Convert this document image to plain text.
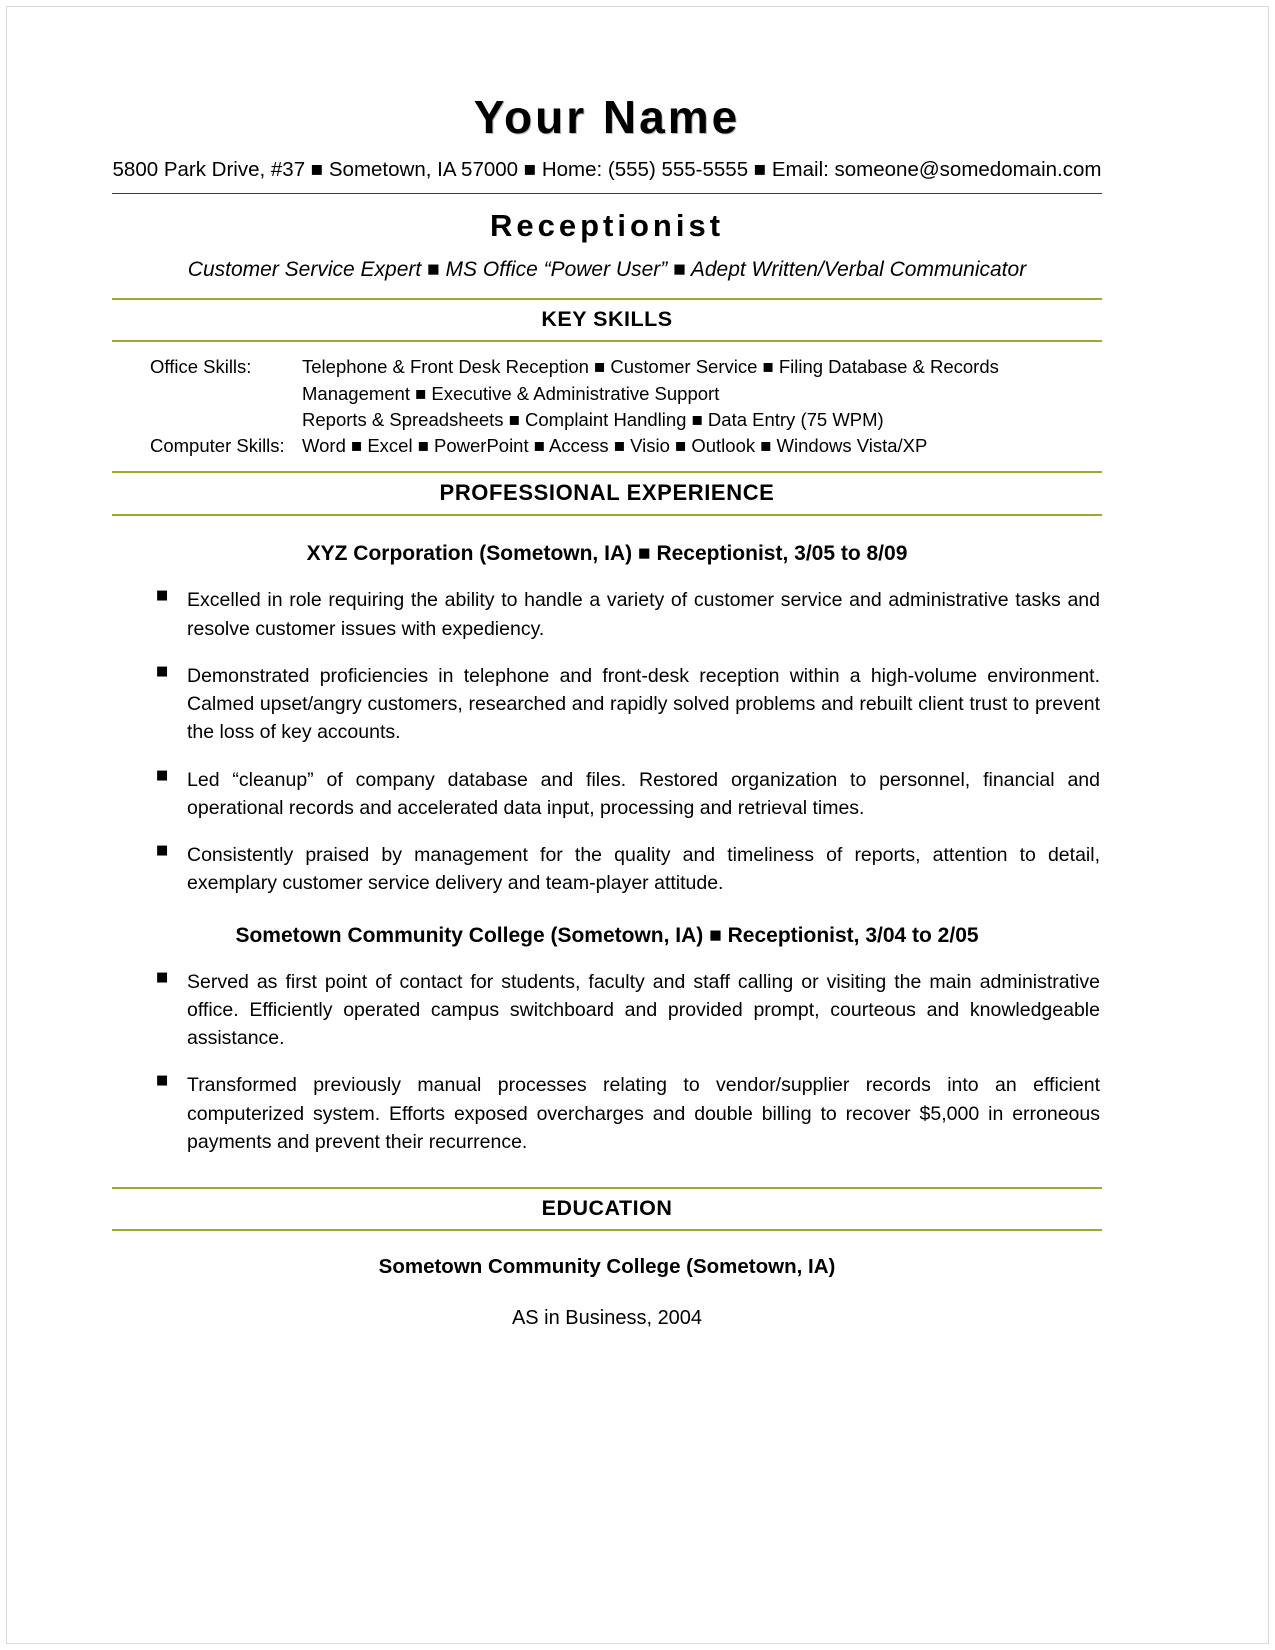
Your Name
5800 Park Drive, #37 ■ Sometown, IA 57000 ■ Home: (555) 555-5555 ■ Email: someone@somedomain.com
Receptionist
Customer Service Expert ■ MS Office “Power User” ■ Adept Written/Verbal Communicator
KEY SKILLS
Office Skills:	Telephone & Front Desk Reception ■ Customer Service ■ Filing Database & Records
Management ■ Executive & Administrative Support
Reports & Spreadsheets ■ Complaint Handling ■ Data Entry (75 WPM)
Computer Skills: Word ■ Excel ■ PowerPoint ■ Access ■ Visio ■ Outlook ■ Windows Vista/XP
PROFESSIONAL EXPERIENCE
XYZ Corporation (Sometown, IA) ■ Receptionist, 3/05 to 8/09
■ Excelled in role requiring the ability to handle a variety of customer service and administrative tasks and resolve customer issues with expediency.
■ Demonstrated proficiencies in telephone and front-desk reception within a high-volume environment. Calmed upset/angry customers, researched and rapidly solved problems and rebuilt client trust to prevent the loss of key accounts.
■ Led “cleanup” of company database and files. Restored organization to personnel, financial and operational records and accelerated data input, processing and retrieval times.
■ Consistently praised by management for the quality and timeliness of reports, attention to detail, exemplary customer service delivery and team-player attitude.
Sometown Community College (Sometown, IA) ■ Receptionist, 3/04 to 2/05
■ Served as first point of contact for students, faculty and staff calling or visiting the main administrative office. Efficiently operated campus switchboard and provided prompt, courteous and knowledgeable assistance.
■ Transformed previously manual processes relating to vendor/supplier records into an efficient computerized system. Efforts exposed overcharges and double billing to recover $5,000 in erroneous payments and prevent their recurrence.
EDUCATION
Sometown Community College (Sometown, IA)
AS in Business, 2004
